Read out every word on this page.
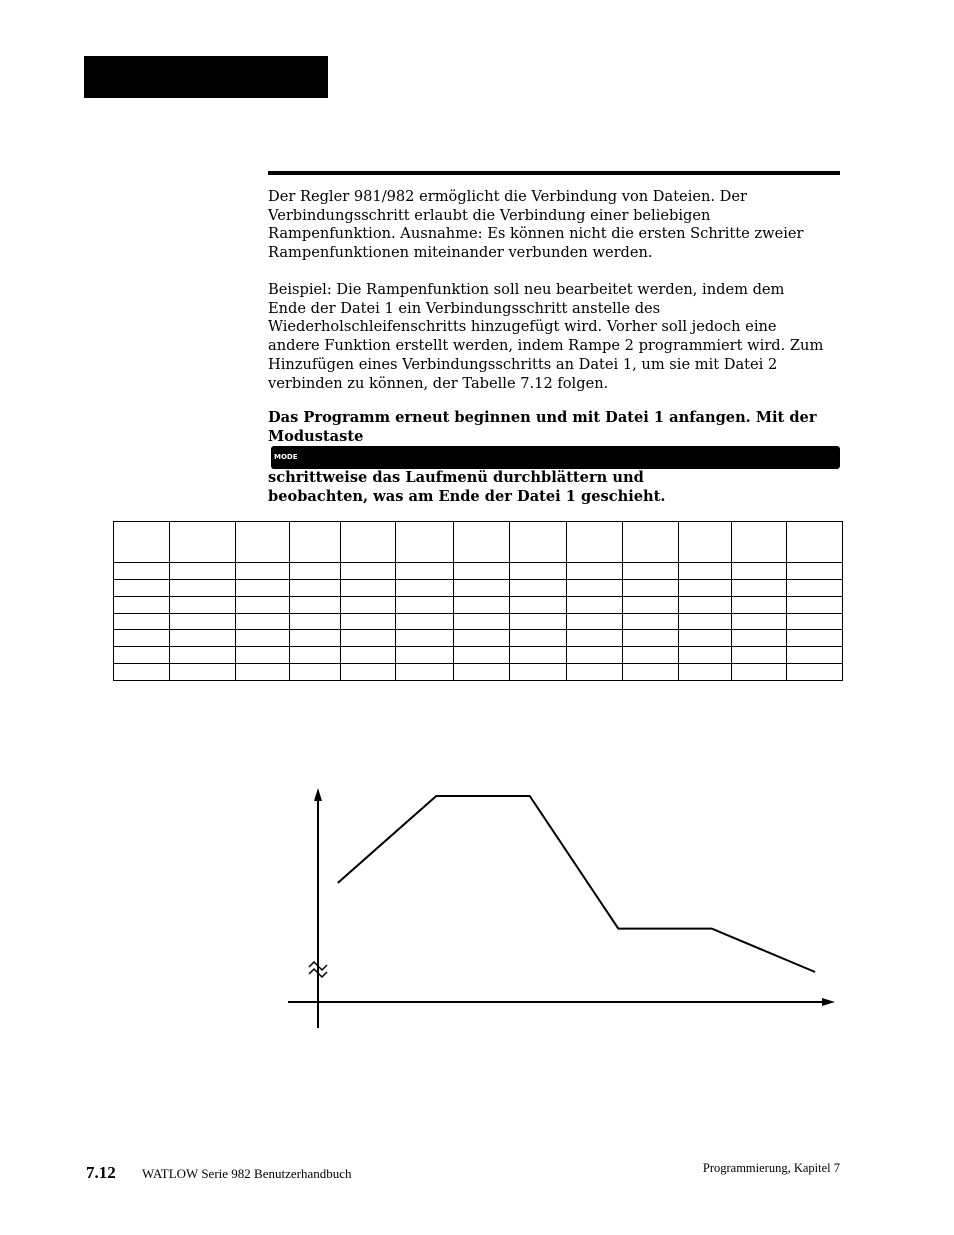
Der Regler 981/982 ermöglicht die Verbindung von Dateien. Der
Verbindungsschritt erlaubt die Verbindung einer beliebigen
Rampenfunktion. Ausnahme: Es können nicht die ersten Schritte zweier
Rampenfunktionen miteinander verbunden werden.
Beispiel: Die Rampenfunktion soll neu bearbeitet werden, indem dem
Ende der Datei 1 ein Verbindungsschritt anstelle des
Wiederholschleifenschritts hinzugefügt wird. Vorher soll jedoch eine
andere Funktion erstellt werden, indem Rampe 2 programmiert wird. Zum
Hinzufügen eines Verbindungsschritts an Datei 1, um sie mit Datei 2
verbinden zu können, der Tabelle 7.12 folgen.
Das Programm erneut beginnen und mit Datei 1 anfangen. Mit der
Modustaste
MODE
schrittweise das Laufmenü durchblättern und
beobachten, was am Ende der Datei 1 geschieht.

7.12 WATLOW Serie 982 Benutzerhandbuch	Programmierung, Kapitel 7
